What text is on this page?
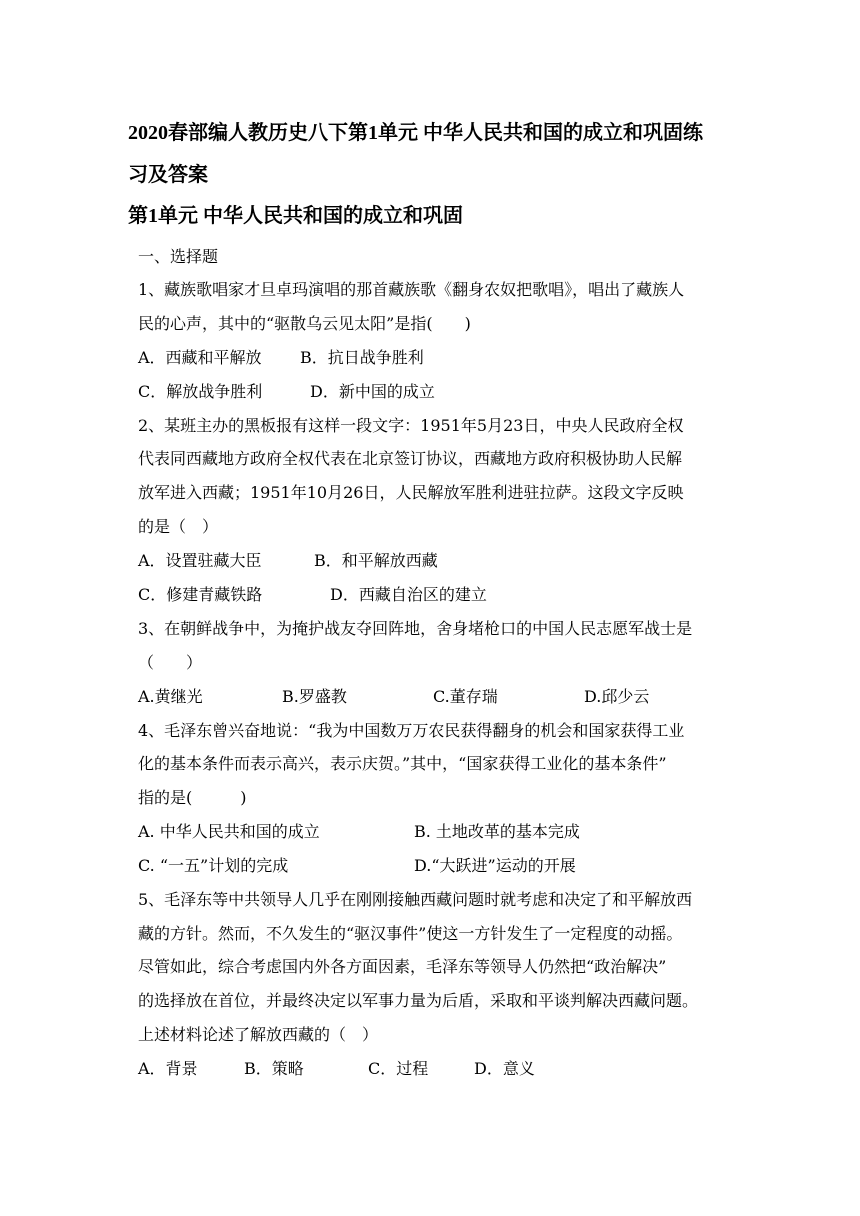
2020春部编人教历史八下第1单元 中华人民共和国的成立和巩固练
习及答案
第1单元 中华人民共和国的成立和巩固
一、选择题
1、藏族歌唱家才旦卓玛演唱的那首藏族歌《翻身农奴把歌唱》，唱出了藏族人
民的心声，其中的“驱散乌云见太阳”是指(　　)
A．西藏和平解放 B．抗日战争胜利
C．解放战争胜利	D．新中国的成立
2、某班主办的黑板报有这样一段文字：1951年5月23日，中央人民政府全权
代表同西藏地方政府全权代表在北京签订协议，西藏地方政府积极协助人民解
放军进入西藏；1951年10月26日，人民解放军胜利进驻拉萨。这段文字反映
的是（　）
A．设置驻藏大臣	B．和平解放西藏
C．修建青藏铁路	D．西藏自治区的建立
3、在朝鲜战争中，为掩护战友夺回阵地，舍身堵枪口的中国人民志愿军战士是
（　　）
A.黄继光	B.罗盛教	C.董存瑞	D.邱少云
4、毛泽东曾兴奋地说：“我为中国数万万农民获得翻身的机会和国家获得工业
化的基本条件而表示高兴，表示庆贺。”其中，“国家获得工业化的基本条件”
指的是(　　　)
A. 中华人民共和国的成立	B. 土地改革的基本完成
C. “一五”计划的完成	D.“大跃进”运动的开展
5、毛泽东等中共领导人几乎在刚刚接触西藏问题时就考虑和决定了和平解放西
藏的方针。然而，不久发生的“驱汉事件”使这一方针发生了一定程度的动摇。
尽管如此，综合考虑国内外各方面因素，毛泽东等领导人仍然把“政治解决”
的选择放在首位，并最终决定以军事力量为后盾，采取和平谈判解决西藏问题。
上述材料论述了解放西藏的（　）
A．背景	B．策略	C．过程	D．意义
